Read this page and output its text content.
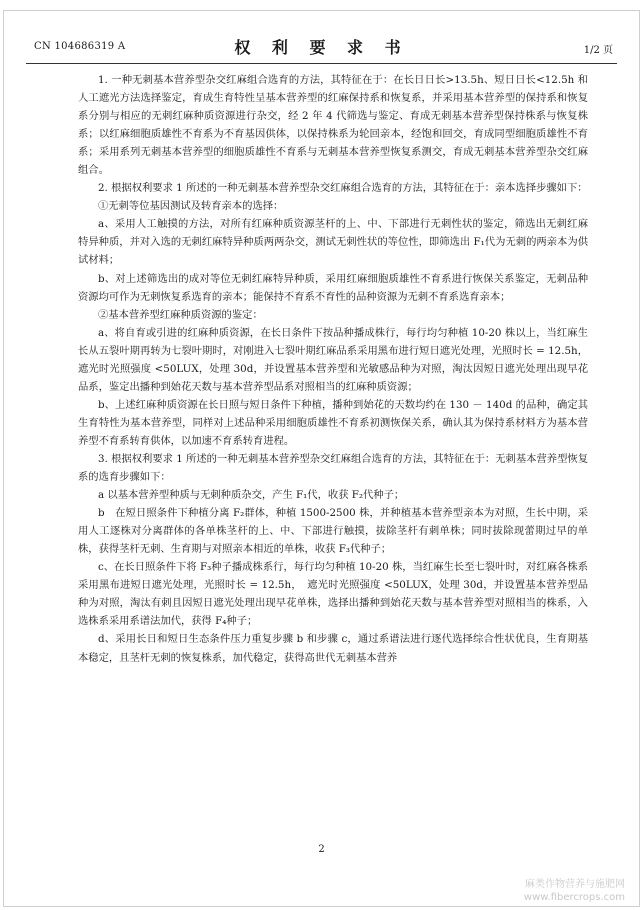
CN 104686319 A	权 利 要 求 书	1/2 页

1. 一种无刺基本营养型杂交红麻组合选育的方法，其特征在于：在长日日长>13.5h、短日日长<12.5h 和人工遮光方法选择鉴定，育成生育特性呈基本营养型的红麻保持系和恢复系，并采用基本营养型的保持系和恢复系分别与相应的无刺红麻种质资源进行杂交，经 2 年 4 代筛选与鉴定、育成无刺基本营养型保持株系与恢复株系；以红麻细胞质雄性不育系为不育基因供体，以保持株系为轮回亲本，经饱和回交，育成同型细胞质雄性不育系；采用系列无刺基本营养型的细胞质雄性不育系与无刺基本营养型恢复系测交，育成无刺基本营养型杂交红麻组合。

2. 根据权利要求 1 所述的一种无刺基本营养型杂交红麻组合选育的方法，其特征在于：亲本选择步骤如下：

①无刺等位基因测试及转育亲本的选择：

a、采用人工触摸的方法，对所有红麻种质资源茎杆的上、中、下部进行无刺性状的鉴定，筛选出无刺红麻特异种质，并对入选的无刺红麻特异种质两两杂交，测试无刺性状的等位性，即筛选出 F₁代为无刺的两亲本为供试材料；

b、对上述筛选出的成对等位无刺红麻特异种质，采用红麻细胞质雄性不育系进行恢保关系鉴定，无刺品种资源均可作为无刺恢复系选育的亲本；能保持不育系不育性的品种资源为无刺不育系选育亲本；

②基本营养型红麻种质资源的鉴定：

a、将自育或引进的红麻种质资源，在长日条件下按品种播成株行，每行均匀种植 10-20 株以上，当红麻生长从五裂叶期再转为七裂叶期时，对刚进入七裂叶期红麻品系采用黑布进行短日遮光处理，光照时长 = 12.5h，遮光时光照强度 <50LUX，处理 30d，并设置基本营养型和光敏感品种为对照，淘汰因短日遮光处理出现早花品系，鉴定出播种到始花天数与基本营养型品系对照相当的红麻种质资源；

b、上述红麻种质资源在长日照与短日条件下种植，播种到始花的天数均约在 130 － 140d 的品种，确定其生育特性为基本营养型，同样对上述品种采用细胞质雄性不育系初测恢保关系，确认其为保持系材料方为基本营养型不育系转育供体，以加速不育系转育进程。

3. 根据权利要求 1 所述的一种无刺基本营养型杂交红麻组合选育的方法，其特征在于：无刺基本营养型恢复系的选育步骤如下：

a 以基本营养型种质与无刺种质杂交，产生 F₁代，收获 F₂代种子；

b　在短日照条件下种植分离 F₂群体，种植 1500-2500 株，并种植基本营养型亲本为对照，生长中期，采用人工逐株对分离群体的各单株茎杆的上、中、下部进行触摸，拔除茎杆有刺单株；同时拔除现蕾期过早的单株，获得茎杆无刺、生育期与对照亲本相近的单株，收获 F₃代种子；

c、在长日照条件下将 F₃种子播成株系行，每行均匀种植 10-20 株，当红麻生长至七裂叶时，对红麻各株系采用黑布进短日遮光处理，光照时长 = 12.5h，　遮光时光照强度 <50LUX，处理 30d，并设置基本营养型品种为对照，淘汰有刺且因短日遮光处理出现早花单株，选择出播种到始花天数与基本营养型对照相当的株系，入选株系采用系谱法加代，获得 F₄种子；

d、采用长日和短日生态条件压力重复步骤 b 和步骤 c，通过系谱法进行逐代选择综合性状优良，生育期基本稳定，且茎杆无刺的恢复株系，加代稳定，获得高世代无刺基本营养

2
麻类作物营养与施肥网
www.fibercrops.com
